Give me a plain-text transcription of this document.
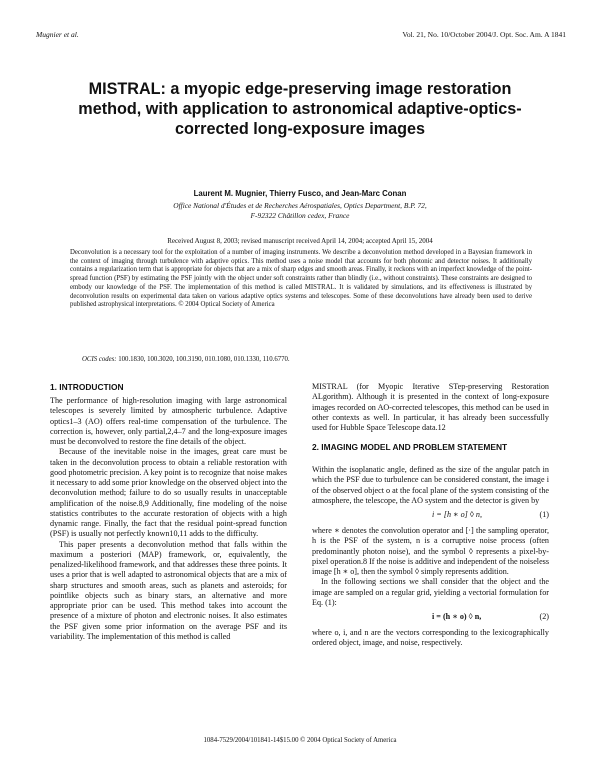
Mugnier et al.	Vol. 21, No. 10/October 2004/J. Opt. Soc. Am. A 1841
MISTRAL: a myopic edge-preserving image restoration method, with application to astronomical adaptive-optics-corrected long-exposure images
Laurent M. Mugnier, Thierry Fusco, and Jean-Marc Conan
Office National d'Études et de Recherches Aérospatiales, Optics Department, B.P. 72,
F-92322 Châtillon cedex, France
Received August 8, 2003; revised manuscript received April 14, 2004; accepted April 15, 2004
Deconvolution is a necessary tool for the exploitation of a number of imaging instruments. We describe a deconvolution method developed in a Bayesian framework in the context of imaging through turbulence with adaptive optics. This method uses a noise model that accounts for both photonic and detector noises. It additionally contains a regularization term that is appropriate for objects that are a mix of sharp edges and smooth areas. Finally, it reckons with an imperfect knowledge of the point-spread function (PSF) by estimating the PSF jointly with the object under soft constraints rather than blindly (i.e., without constraints). These constraints are designed to embody our knowledge of the PSF. The implementation of this method is called MISTRAL. It is validated by simulations, and its effectiveness is illustrated by deconvolution results on experimental data taken on various adaptive optics systems and telescopes. Some of these deconvolutions have already been used to derive published astrophysical interpretations. © 2004 Optical Society of America
OCIS codes: 100.1830, 100.3020, 100.3190, 010.1080, 010.1330, 110.6770.
1. INTRODUCTION

The performance of high-resolution imaging with large astronomical telescopes is severely limited by atmospheric turbulence. Adaptive optics1–3 (AO) offers real-time compensation of the turbulence. The correction is, however, only partial,2,4–7 and the long-exposure images must be deconvolved to restore the fine details of the object.

Because of the inevitable noise in the images, great care must be taken in the deconvolution process to obtain a reliable restoration with good photometric precision. A key point is to recognize that noise makes it necessary to add some prior knowledge on the observed object into the deconvolution method; failure to do so usually results in unacceptable amplification of the noise.8,9 Additionally, fine modeling of the noise statistics contributes to the accurate restoration of objects with a high dynamic range. Finally, the fact that the residual point-spread function (PSF) is usually not perfectly known10,11 adds to the difficulty.

This paper presents a deconvolution method that falls within the maximum a posteriori (MAP) framework, or, equivalently, the penalized-likelihood framework, and that addresses these three points. It uses a prior that is well adapted to astronomical objects that are a mix of sharp structures and smooth areas, such as planets and asteroids; for pointlike objects such as binary stars, an alternative and more appropriate prior can be used. This method takes into account the presence of a mixture of photon and electronic noises. It also estimates the PSF given some prior information on the average PSF and its variability. The implementation of this method is called

MISTRAL (for Myopic Iterative STep-preserving Restoration ALgorithm). Although it is presented in the context of long-exposure images recorded on AO-corrected telescopes, this method can be used in other contexts as well. In particular, it has already been successfully used for Hubble Space Telescope data.12

2. IMAGING MODEL AND PROBLEM STATEMENT

Within the isoplanatic angle, defined as the size of the angular patch in which the PSF due to turbulence can be considered constant, the image i of the observed object o at the focal plane of the system consisting of the atmosphere, the telescope, the AO system and the detector is given by

i = [h ∗ o] ◊ n,	(1)

where ∗ denotes the convolution operator and [·] the sampling operator, h is the PSF of the system, n is a corruptive noise process (often predominantly photon noise), and the symbol ◊ represents a pixel-by-pixel operation.8 If the noise is additive and independent of the noiseless image [h ∗ o], then the symbol ◊ simply represents addition.

In the following sections we shall consider that the object and the image are sampled on a regular grid, yielding a vectorial formulation for Eq. (1):

i = (h ∗ o) ◊ n,	(2)

where o, i, and n are the vectors corresponding to the lexicographically ordered object, image, and noise, respectively.

1084-7529/2004/101841-14$15.00 © 2004 Optical Society of America
